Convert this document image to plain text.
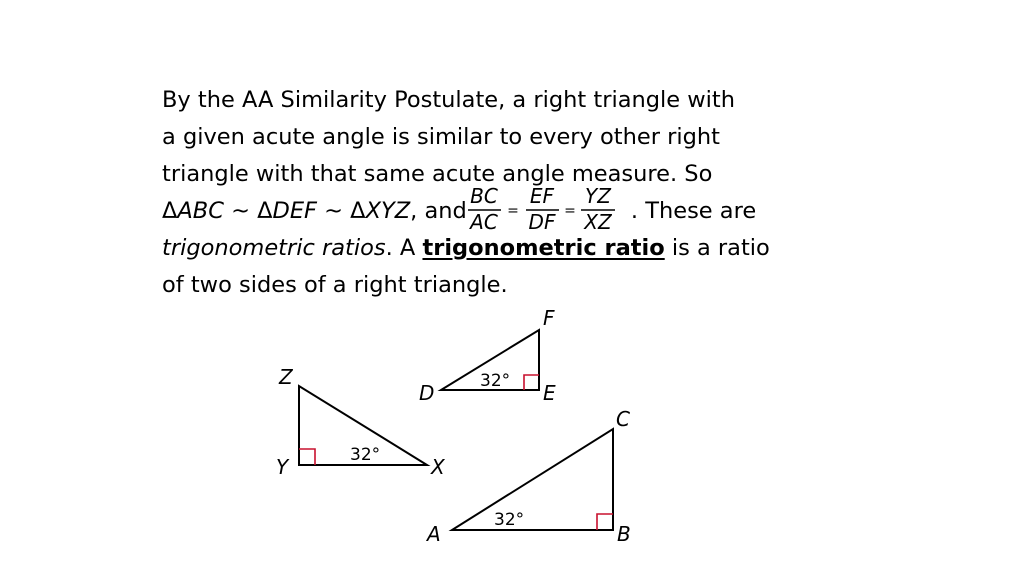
By the AA Similarity Postulate, a right triangle with
a given acute angle is similar to every other right
triangle with that same acute angle measure. So
ΔABC ~ ΔDEF ~ ΔXYZ, and
BC
AC
EF
DF
YZ
XZ
=	= . These are
trigonometric ratios. A trigonometric ratio is a ratio
of two sides of a right triangle.
F
D	E
32°
Z
Y	X
32°
C
A	B
32°
